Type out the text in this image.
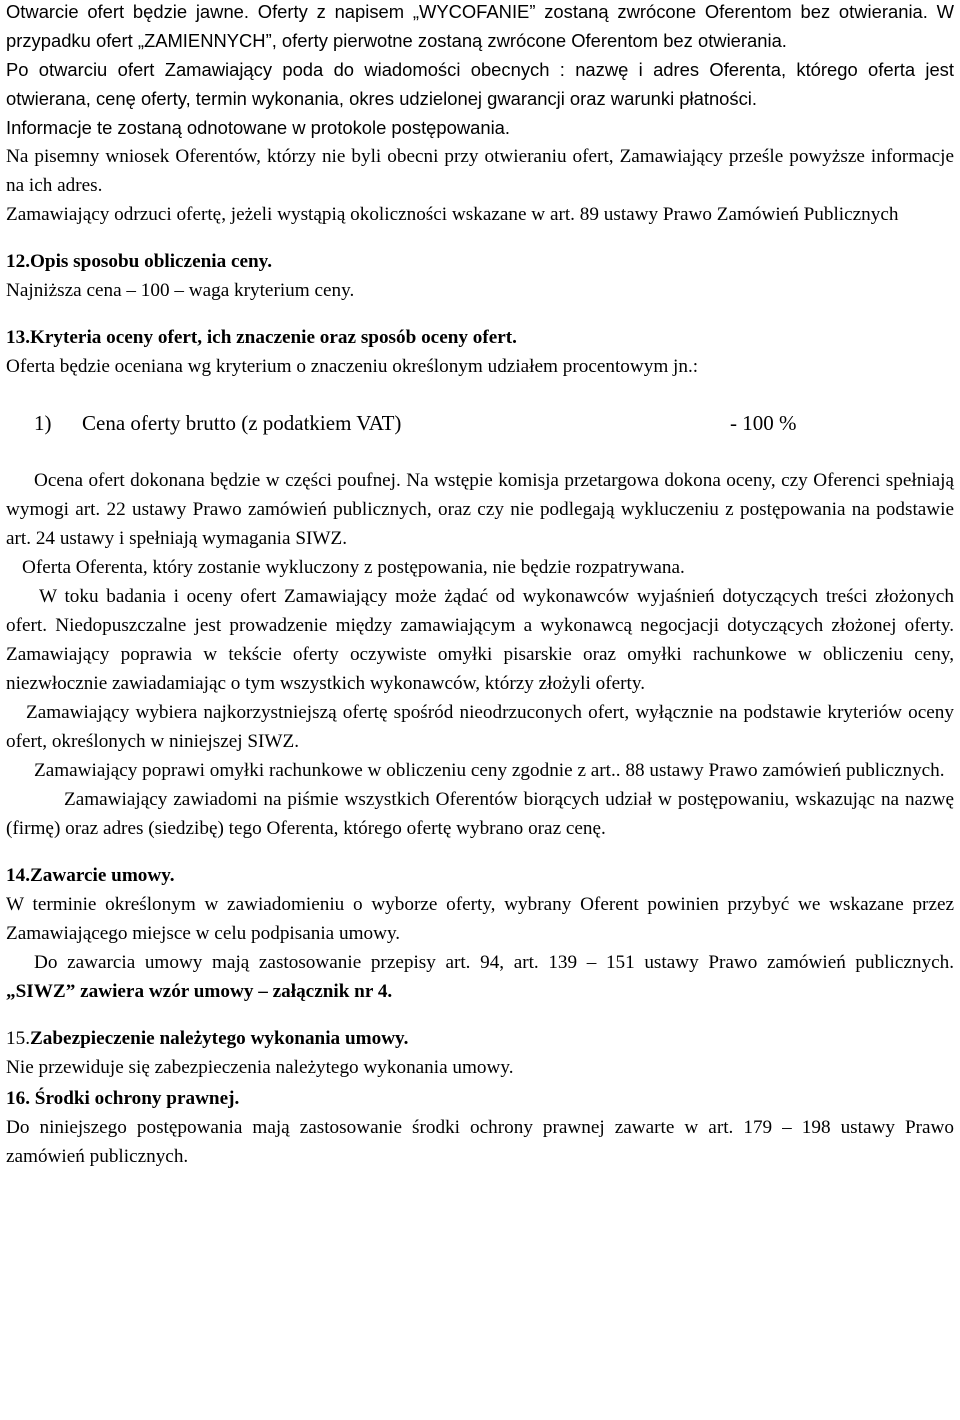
Otwarcie ofert będzie jawne. Oferty z napisem „WYCOFANIE” zostaną zwrócone Oferentom bez otwierania. W przypadku ofert „ZAMIENNYCH”, oferty pierwotne zostaną zwrócone Oferentom bez otwierania.

Po otwarciu ofert Zamawiający poda do wiadomości obecnych : nazwę i adres Oferenta, którego oferta jest otwierana, cenę oferty, termin wykonania, okres udzielonej gwarancji oraz warunki płatności.

Informacje te zostaną odnotowane w protokole postępowania.

Na pisemny wniosek Oferentów, którzy nie byli obecni przy otwieraniu ofert, Zamawiający prześle powyższe informacje na ich adres.

Zamawiający odrzuci ofertę, jeżeli wystąpią okoliczności wskazane w art. 89 ustawy Prawo Zamówień Publicznych

12.Opis sposobu obliczenia ceny.

Najniższa cena – 100 – waga kryterium ceny.

13.Kryteria oceny ofert, ich znaczenie oraz sposób oceny ofert.

Oferta będzie oceniana wg kryterium o znaczeniu określonym udziałem procentowym jn.:

1) Cena oferty brutto (z podatkiem VAT)	- 100 %

Ocena ofert dokonana będzie w części poufnej. Na wstępie komisja przetargowa dokona oceny, czy Oferenci spełniają wymogi art. 22 ustawy Prawo zamówień publicznych, oraz czy nie podlegają wykluczeniu z postępowania na podstawie art. 24 ustawy i spełniają wymagania SIWZ.

Oferta Oferenta, który zostanie wykluczony z postępowania, nie będzie rozpatrywana.

W toku badania i oceny ofert Zamawiający może żądać od wykonawców wyjaśnień dotyczących treści złożonych ofert. Niedopuszczalne jest prowadzenie między zamawiającym a wykonawcą negocjacji dotyczących złożonej oferty. Zamawiający poprawia w tekście oferty oczywiste omyłki pisarskie oraz omyłki rachunkowe w obliczeniu ceny, niezwłocznie zawiadamiając o tym wszystkich wykonawców, którzy złożyli oferty.

Zamawiający wybiera najkorzystniejszą ofertę spośród nieodrzuconych ofert, wyłącznie na podstawie kryteriów oceny ofert, określonych w niniejszej SIWZ.

Zamawiający poprawi omyłki rachunkowe w obliczeniu ceny zgodnie z art.. 88 ustawy Prawo zamówień publicznych.

Zamawiający zawiadomi na piśmie wszystkich Oferentów biorących udział w postępowaniu, wskazując na nazwę (firmę) oraz adres (siedzibę) tego Oferenta, którego ofertę wybrano oraz cenę.

14.Zawarcie umowy.

W terminie określonym w zawiadomieniu o wyborze oferty, wybrany Oferent powinien przybyć we wskazane przez Zamawiającego miejsce w celu podpisania umowy.

Do zawarcia umowy mają zastosowanie przepisy art. 94, art. 139 – 151 ustawy Prawo zamówień publicznych. „SIWZ” zawiera wzór umowy – załącznik nr 4.

15.Zabezpieczenie należytego wykonania umowy.

Nie przewiduje się zabezpieczenia należytego wykonania umowy.

16. Środki ochrony prawnej.

Do niniejszego postępowania mają zastosowanie środki ochrony prawnej zawarte w art. 179 – 198 ustawy Prawo zamówień publicznych.
